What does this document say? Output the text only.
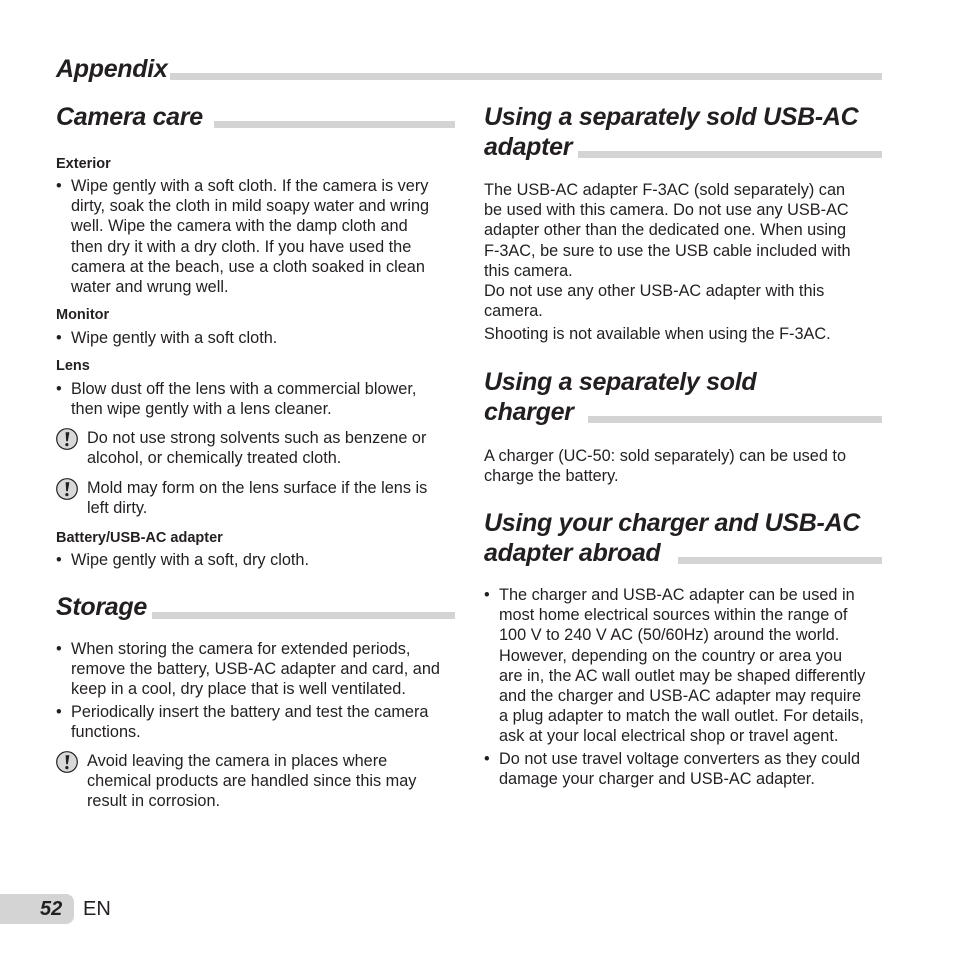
Appendix
Camera care
Exterior
• Wipe gently with a soft cloth. If the camera is very
dirty, soak the cloth in mild soapy water and wring
well. Wipe the camera with the damp cloth and
then dry it with a dry cloth. If you have used the
camera at the beach, use a cloth soaked in clean
water and wrung well.
Monitor
• Wipe gently with a soft cloth.
Lens
• Blow dust off the lens with a commercial blower,
then wipe gently with a lens cleaner.
Do not use strong solvents such as benzene or
alcohol, or chemically treated cloth.
Mold may form on the lens surface if the lens is
left dirty.
Battery/USB-AC adapter
• Wipe gently with a soft, dry cloth.
Storage
• When storing the camera for extended periods,
remove the battery, USB-AC adapter and card, and
keep in a cool, dry place that is well ventilated.
• Periodically insert the battery and test the camera
functions.
Avoid leaving the camera in places where
chemical products are handled since this may
result in corrosion.
Using a separately sold USB-AC
adapter
The USB-AC adapter F-3AC (sold separately) can
be used with this camera. Do not use any USB-AC
adapter other than the dedicated one. When using
F-3AC, be sure to use the USB cable included with
this camera.
Do not use any other USB-AC adapter with this
camera.
Shooting is not available when using the F-3AC.
Using a separately sold
charger
A charger (UC-50: sold separately) can be used to
charge the battery.
Using your charger and USB-AC
adapter abroad
• The charger and USB-AC adapter can be used in
most home electrical sources within the range of
100 V to 240 V AC (50/60Hz) around the world.
However, depending on the country or area you
are in, the AC wall outlet may be shaped differently
and the charger and USB-AC adapter may require
a plug adapter to match the wall outlet. For details,
ask at your local electrical shop or travel agent.
• Do not use travel voltage converters as they could
damage your charger and USB-AC adapter.
52 EN
